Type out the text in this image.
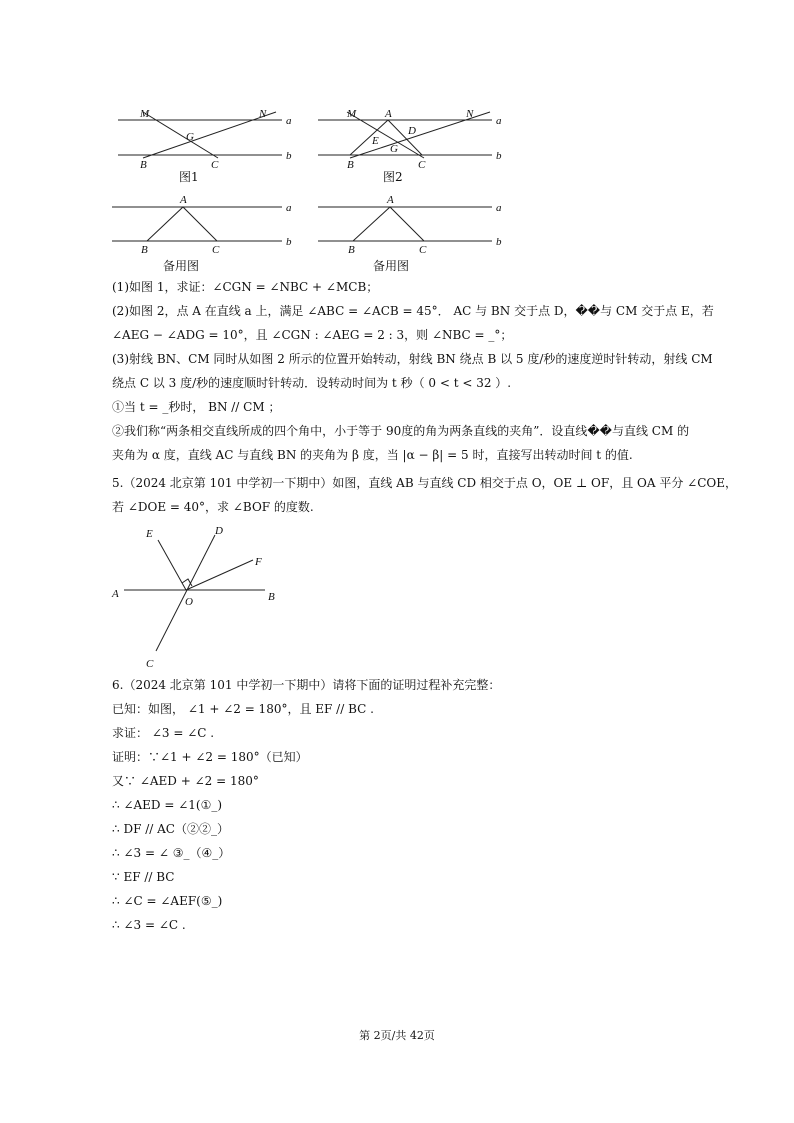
M	N
a
G
B	C
b
M	A	N
a
D
E
G
B	C
b
A
a
B	C
b
A
a
B	C
b
E	D
F
A
O	B
C
图1	图2
备用图	备用图
(1)如图 1，求证：∠CGN = ∠NBC + ∠MCB；
(2)如图 2，点 A 在直线 a 上，满足 ∠ABC = ∠ACB = 45°． AC 与 BN 交于点 D，��与 CM 交于点 E，若
∠AEG − ∠ADG = 10°，且 ∠CGN : ∠AEG = 2 : 3，则 ∠NBC = _°；
(3)射线 BN、CM 同时从如图 2 所示的位置开始转动，射线 BN 绕点 B 以 5 度/秒的速度逆时针转动，射线 CM
绕点 C 以 3 度/秒的速度顺时针转动．设转动时间为 t 秒（ 0 < t < 32 ）.
①当 t = _秒时， BN // CM ；
②我们称“两条相交直线所成的四个角中，小于等于 90度的角为两条直线的夹角”．设直线��与直线 CM 的
夹角为 α 度，直线 AC 与直线 BN 的夹角为 β 度，当 |α − β| = 5 时，直接写出转动时间 t 的值.
5.（2024 北京第 101 中学初一下期中）如图，直线 AB 与直线 CD 相交于点 O，OE ⊥ OF，且 OA 平分 ∠COE，
若 ∠DOE = 40°，求 ∠BOF 的度数.
6.（2024 北京第 101 中学初一下期中）请将下面的证明过程补充完整：
已知：如图， ∠1 + ∠2 = 180°，且 EF // BC .
求证： ∠3 = ∠C .
证明：∵∠1 + ∠2 = 180°（已知）
又∵ ∠AED + ∠2 = 180°
∴ ∠AED = ∠1(①_)
∴ DF // AC（②②_）
∴ ∠3 = ∠ ③_（④_）
∵ EF // BC
∴ ∠C = ∠AEF(⑤_)
∴ ∠3 = ∠C .
第 2页/共 42页
